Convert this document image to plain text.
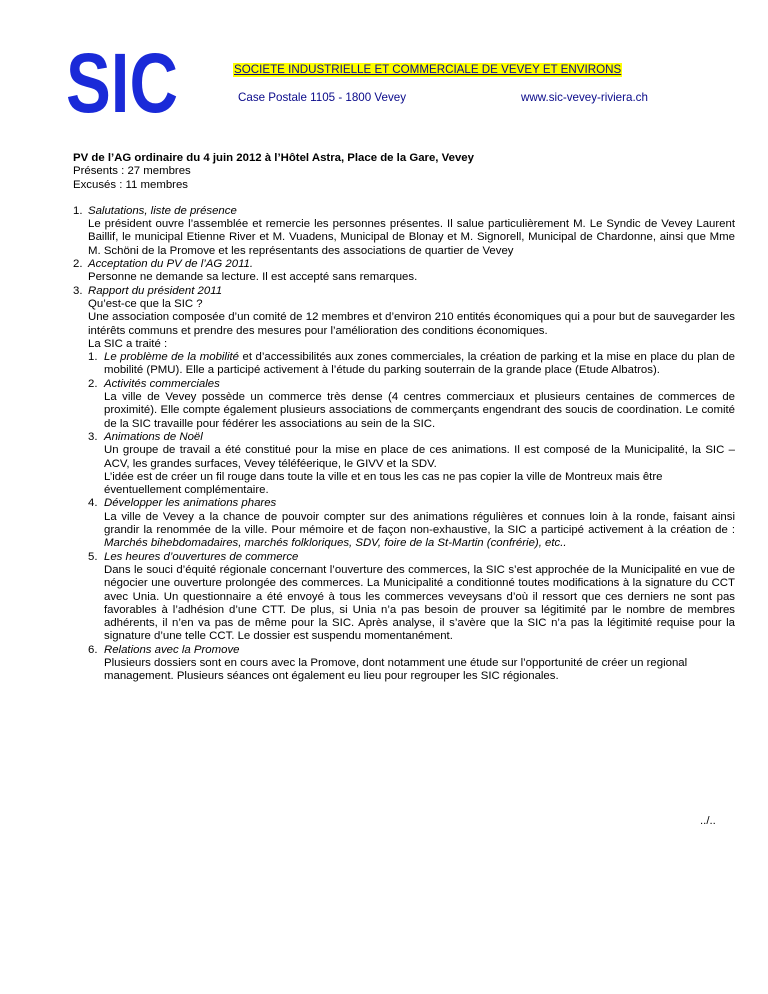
SIC	SOCIETE INDUSTRIELLE ET COMMERCIALE DE VEVEY ET ENVIRONS
Case Postale 1105 - 1800 Vevey	www.sic-vevey-riviera.ch

PV de l’AG ordinaire du 4 juin 2012 à l’Hôtel Astra, Place de la Gare, Vevey

Présents : 27 membres

Excusés : 11 membres

1. Salutations, liste de présence

Le président ouvre l’assemblée et remercie les personnes présentes. Il salue particulièrement M. Le Syndic de Vevey Laurent Baillif, le municipal Etienne River et M. Vuadens, Municipal de Blonay et M. Signorell, Municipal de Chardonne, ainsi que Mme M. Schöni de la Promove et les représentants des associations de quartier de Vevey

2. Acceptation du PV de l’AG 2011.

Personne ne demande sa lecture. Il est accepté sans remarques.

3. Rapport du président 2011

Qu’est-ce que la SIC ?

Une association composée d’un comité de 12 membres et d’environ 210 entités économiques qui a pour but de sauvegarder les intérêts communs et prendre des mesures pour l’amélioration des conditions économiques.

La SIC a traité :

1. Le problème de la mobilité et d’accessibilités aux zones commerciales, la création de parking et la mise en place du plan de mobilité (PMU). Elle a participé activement à l’étude du parking souterrain de la grande place (Etude Albatros).

2. Activités commerciales

La ville de Vevey possède un commerce très dense (4 centres commerciaux et plusieurs centaines de commerces de proximité). Elle compte également plusieurs associations de commerçants engendrant des soucis de coordination. Le comité de la SIC travaille pour fédérer les associations au sein de la SIC.

3. Animations de Noël

Un groupe de travail a été constitué pour la mise en place de ces animations. Il est composé de la Municipalité, la SIC – ACV, les grandes surfaces, Vevey téléféerique, le GIVV et la SDV.

L’idée est de créer un fil rouge dans toute la ville et en tous les cas ne pas copier la ville de Montreux mais être éventuellement complémentaire.

4. Développer les animations phares

La ville de Vevey a la chance de pouvoir compter sur des animations régulières et connues loin à la ronde, faisant ainsi grandir la renommée de la ville. Pour mémoire et de façon non-exhaustive, la SIC a participé activement à la création de : Marchés bihebdomadaires, marchés folkloriques, SDV, foire de la St-Martin (confrérie), etc..

5. Les heures d’ouvertures de commerce

Dans le souci d’équité régionale concernant l’ouverture des commerces, la SIC s’est approchée de la Municipalité en vue de négocier une ouverture prolongée des commerces. La Municipalité a conditionné toutes modifications à la signature du CCT avec Unia. Un questionnaire a été envoyé à tous les commerces veveysans d’où il ressort que ces derniers ne sont pas favorables à l’adhésion d’une CTT. De plus, si Unia n’a pas besoin de prouver sa légitimité par le nombre de membres adhérents, il n’en va pas de même pour la SIC. Après analyse, il s’avère que la SIC n’a pas la légitimité requise pour la signature d’une telle CCT. Le dossier est suspendu momentanément.

6. Relations avec la Promove

Plusieurs dossiers sont en cours avec la Promove, dont notamment une étude sur l’opportunité de créer un regional management. Plusieurs séances ont également eu lieu pour regrouper les SIC régionales.

../..
